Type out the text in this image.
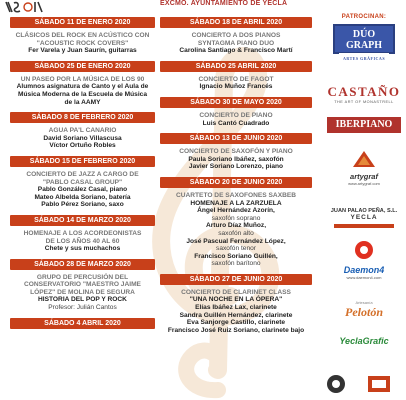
EXCMO. AYUNTAMIENTO DE YECLA
SÁBADO 11 DE ENERO 2020
CLÁSICOS DEL ROCK EN ACÚSTICO CON
"ACOUSTIC ROCK COVERS"
Fer Varela y Juan Saurín, guitarras
SÁBADO 25 DE ENERO 2020
UN PASEO POR LA MÚSICA DE LOS 90
Alumnos asignatura de Canto y el Aula de
Música Moderna de la Escuela de Música
de la AAMY
SÁBADO 8 DE FEBRERO 2020
AGUA PA'L CANARIO
David Soriano Villascusa
Víctor Ortuño Robles
SÁBADO 15 DE FEBRERO 2020
CONCIERTO DE JAZZ A CARGO DE
"PABLO CASAL GROUP"
Pablo González Casal, piano
Mateo Albelda Soriano, batería
Pablo Pérez Soriano, saxo
SÁBADO 14 DE MARZO 2020
HOMENAJE A LOS ACORDEONISTAS
DE LOS AÑOS 40 AL 60
Chete y sus muchachos
SÁBADO 28 DE MARZO 2020
GRUPO DE PERCUSIÓN DEL
CONSERVATORIO "MAESTRO JAIME
LÓPEZ" DE MOLINA DE SEGURA
HISTORIA DEL POP Y ROCK
Profesor: Julián Cantos
SÁBADO 4 ABRIL 2020
SÁBADO 18 DE ABRIL 2020
CONCIERTO A DOS PIANOS
SYNTAGMA PIANO DUO
Carolina Santiago & Francisco Martí
SÁBADO 25 ABRIL 2020
CONCIERTO DE FAGOT
Ignacio Muñoz Francés
SÁBADO 30 DE MAYO 2020
CONCIERTO DE PIANO
Luis Cantó Cuadrado
SÁBADO 13 DE JUNIO 2020
CONCIERTO DE SAXOFÓN Y PIANO
Paula Soriano Ibáñez, saxofón
Javier Soriano Lorenzo, piano
SÁBADO 20 DE JUNIO 2020
CUARTETO DE SAXOFONES SAXBEB
HOMENAJE A LA ZARZUELA
Ángel Hernández Azorín,
saxofón soprano
Arturo Díaz Muñoz,
saxofón alto
José Pascual Fernández López,
saxofón tenor
Francisco Soriano Guillén,
saxofón barítono
SÁBADO 27 DE JUNIO 2020
CONCIERTO DE CLARINET CLASS
"UNA NOCHE EN LA ÓPERA"
Elías Ibáñez Lax, clarinete
Sandra Guillén Hernández, clarinete
Eva Sanjorge Castillo, clarinete
Francisco José Ruiz Soriano, clarinete bajo
PATROCINAN:
DÚO GRAPH
ARTES GRÁFICAS
CASTAÑO
THE ART OF MONASTRELL
IBERPIANO
artygraf
www.artygraf.com
JUAN PALAO PEÑA, S.L.
YECLA
Daemon4
www.daemon4.com
Artesanía
Pelotón
YeclaGrafic
